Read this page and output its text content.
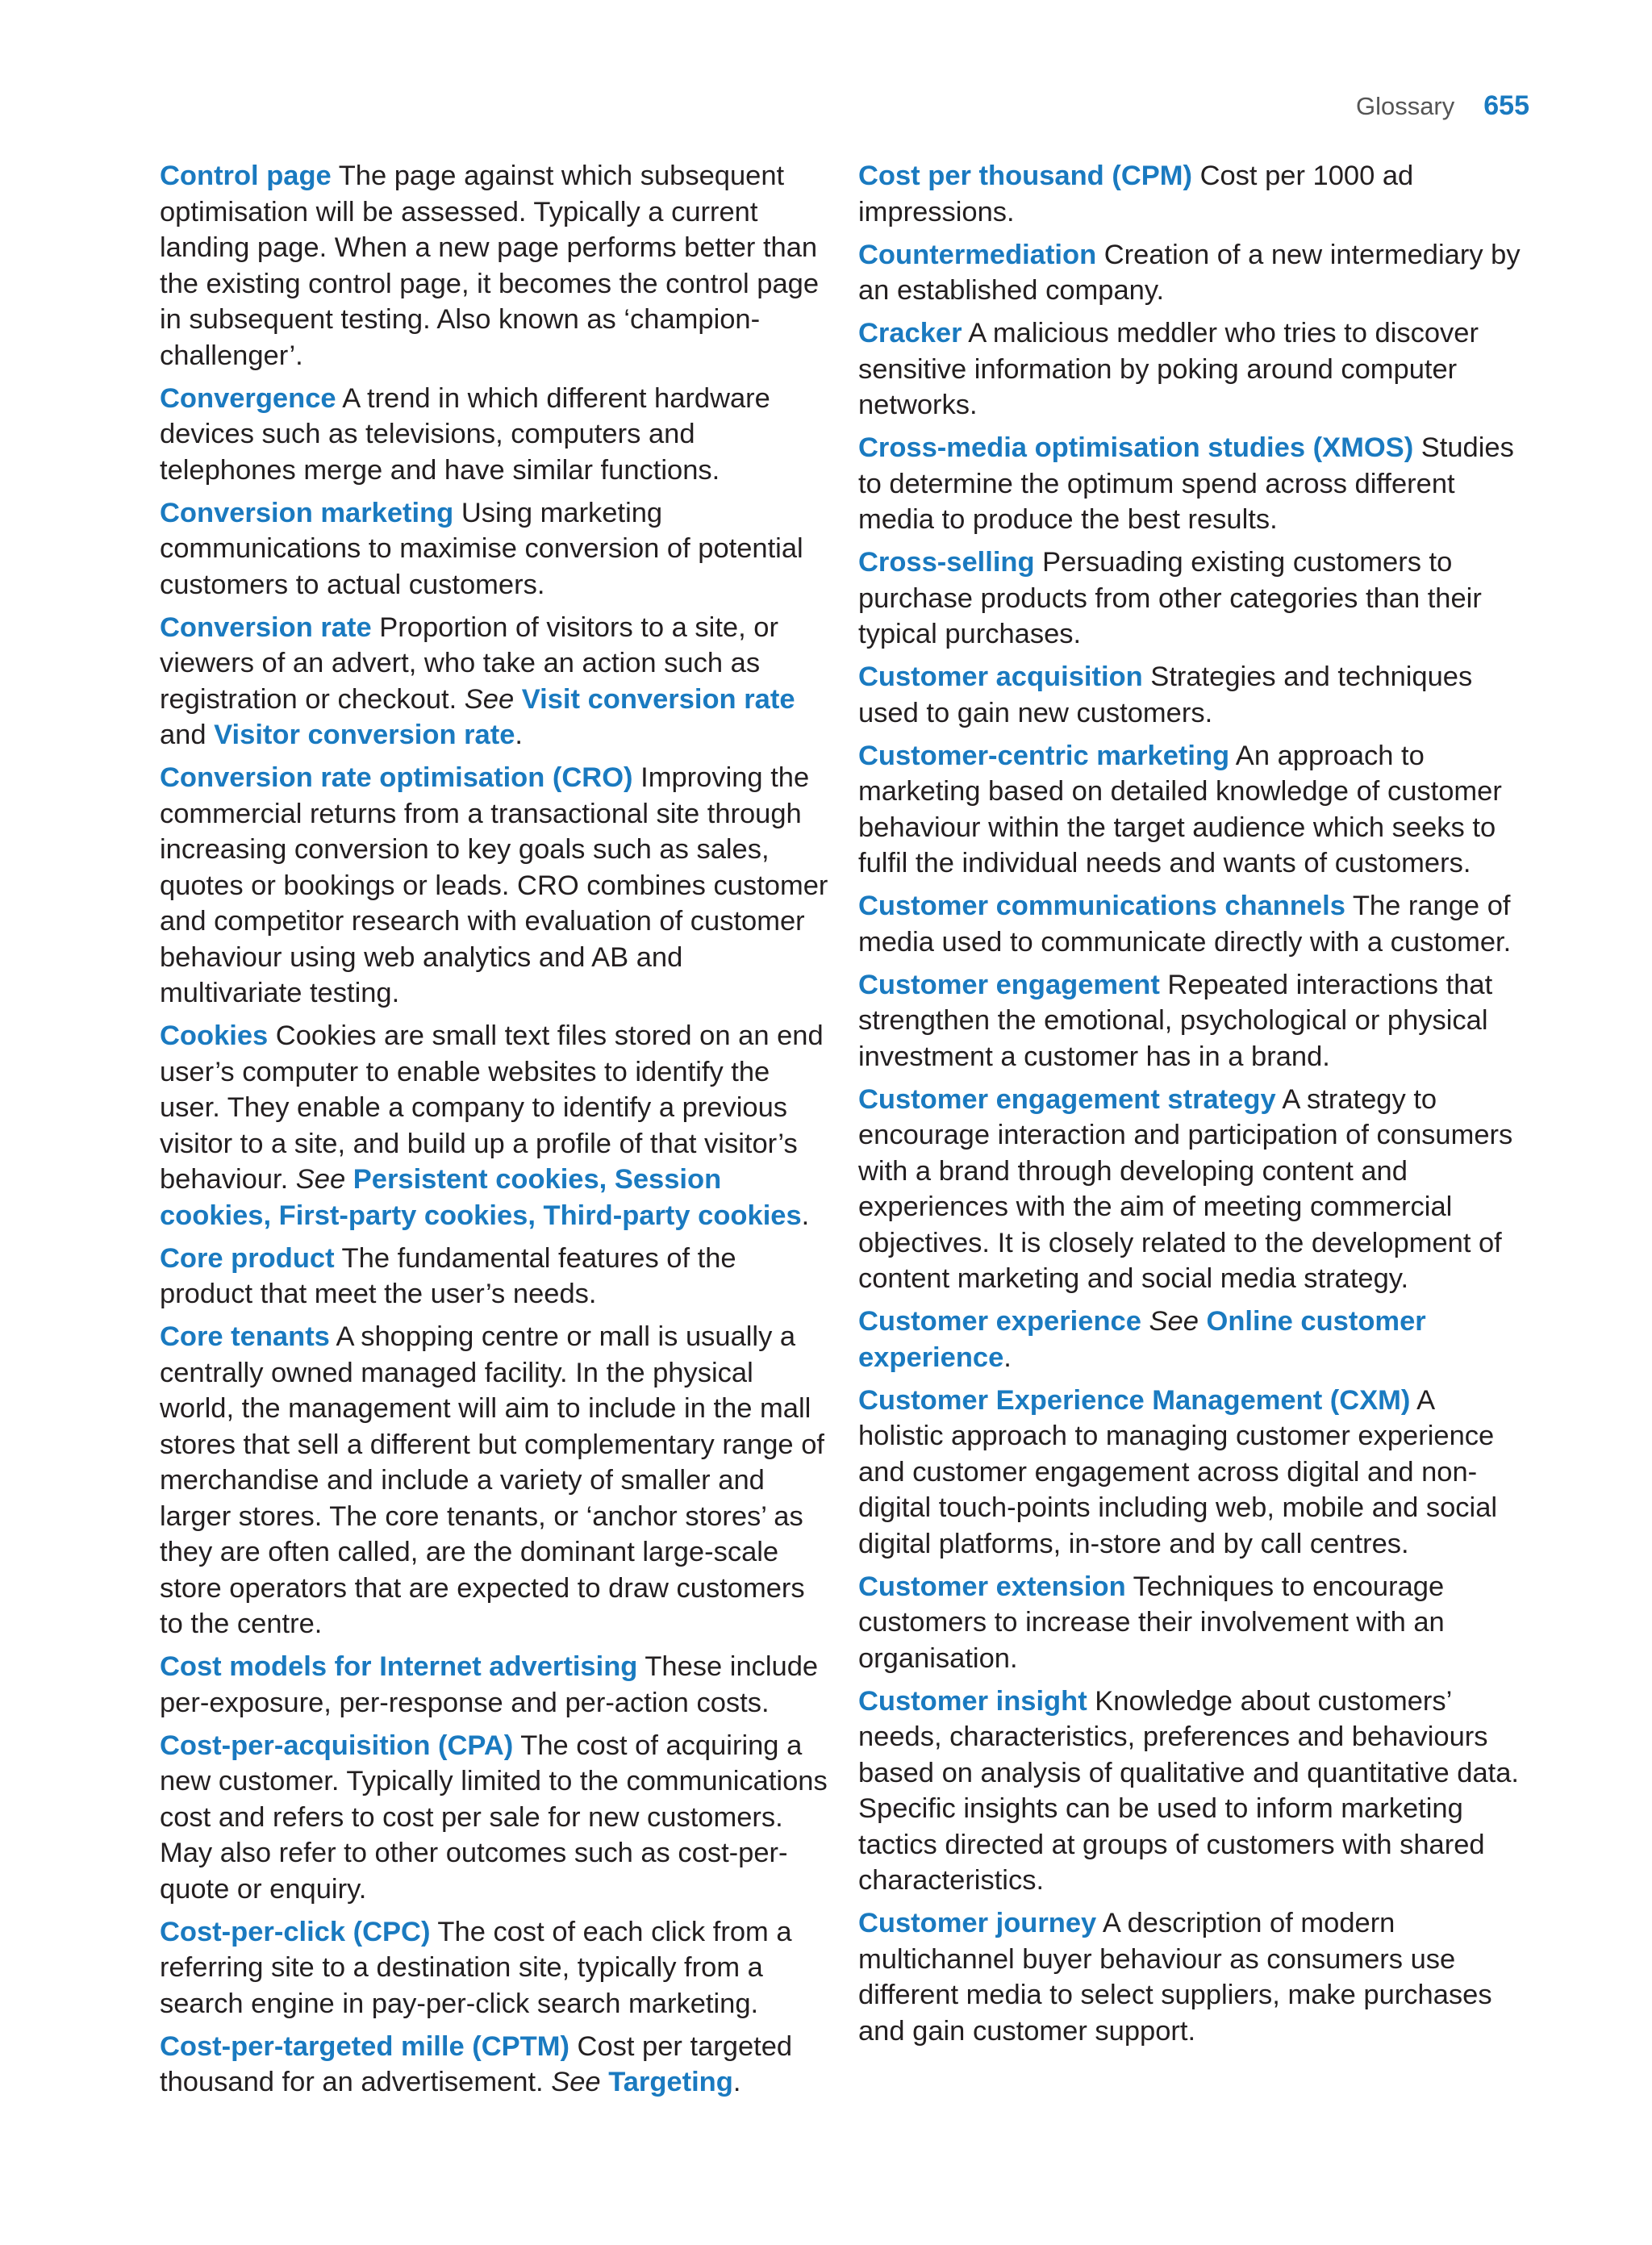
Glossary 655

Control page The page against which subsequent optimisation will be assessed. Typically a current landing page. When a new page performs better than the existing control page, it becomes the control page in subsequent testing. Also known as ‘champion-challenger’.

Convergence A trend in which different hardware devices such as televisions, computers and telephones merge and have similar functions.

Conversion marketing Using marketing communications to maximise conversion of potential customers to actual customers.

Conversion rate Proportion of visitors to a site, or viewers of an advert, who take an action such as registration or checkout. See Visit conversion rate and Visitor conversion rate.

Conversion rate optimisation (CRO) Improving the commercial returns from a transactional site through increasing conversion to key goals such as sales, quotes or bookings or leads. CRO combines customer and competitor research with evaluation of customer behaviour using web analytics and AB and multivariate testing.

Cookies Cookies are small text files stored on an end user’s computer to enable websites to identify the user. They enable a company to identify a previous visitor to a site, and build up a profile of that visitor’s behaviour. See Persistent cookies, Session cookies, First-party cookies, Third-party cookies.

Core product The fundamental features of the product that meet the user’s needs.

Core tenants A shopping centre or mall is usually a centrally owned managed facility. In the physical world, the management will aim to include in the mall stores that sell a different but complementary range of merchandise and include a variety of smaller and larger stores. The core tenants, or ‘anchor stores’ as they are often called, are the dominant large-scale store operators that are expected to draw customers to the centre.

Cost models for Internet advertising These include per-exposure, per-response and per-action costs.

Cost-per-acquisition (CPA) The cost of acquiring a new customer. Typically limited to the communications cost and refers to cost per sale for new customers. May also refer to other outcomes such as cost-per-quote or enquiry.

Cost-per-click (CPC) The cost of each click from a referring site to a destination site, typically from a search engine in pay-per-click search marketing.

Cost-per-targeted mille (CPTM) Cost per targeted thousand for an advertisement. See Targeting.

Cost per thousand (CPM) Cost per 1000 ad impressions.

Countermediation Creation of a new intermediary by an established company.

Cracker A malicious meddler who tries to discover sensitive information by poking around computer networks.

Cross-media optimisation studies (XMOS) Studies to determine the optimum spend across different media to produce the best results.

Cross-selling Persuading existing customers to purchase products from other categories than their typical purchases.

Customer acquisition Strategies and techniques used to gain new customers.

Customer-centric marketing An approach to marketing based on detailed knowledge of customer behaviour within the target audience which seeks to fulfil the individual needs and wants of customers.

Customer communications channels The range of media used to communicate directly with a customer.

Customer engagement Repeated interactions that strengthen the emotional, psychological or physical investment a customer has in a brand.

Customer engagement strategy A strategy to encourage interaction and participation of consumers with a brand through developing content and experiences with the aim of meeting commercial objectives. It is closely related to the development of content marketing and social media strategy.

Customer experience See Online customer experience.

Customer Experience Management (CXM) A holistic approach to managing customer experience and customer engagement across digital and non-digital touch-points including web, mobile and social digital platforms, in-store and by call centres.

Customer extension Techniques to encourage customers to increase their involvement with an organisation.

Customer insight Knowledge about customers’ needs, characteristics, preferences and behaviours based on analysis of qualitative and quantitative data. Specific insights can be used to inform marketing tactics directed at groups of customers with shared characteristics.

Customer journey A description of modern multichannel buyer behaviour as consumers use different media to select suppliers, make purchases and gain customer support.
